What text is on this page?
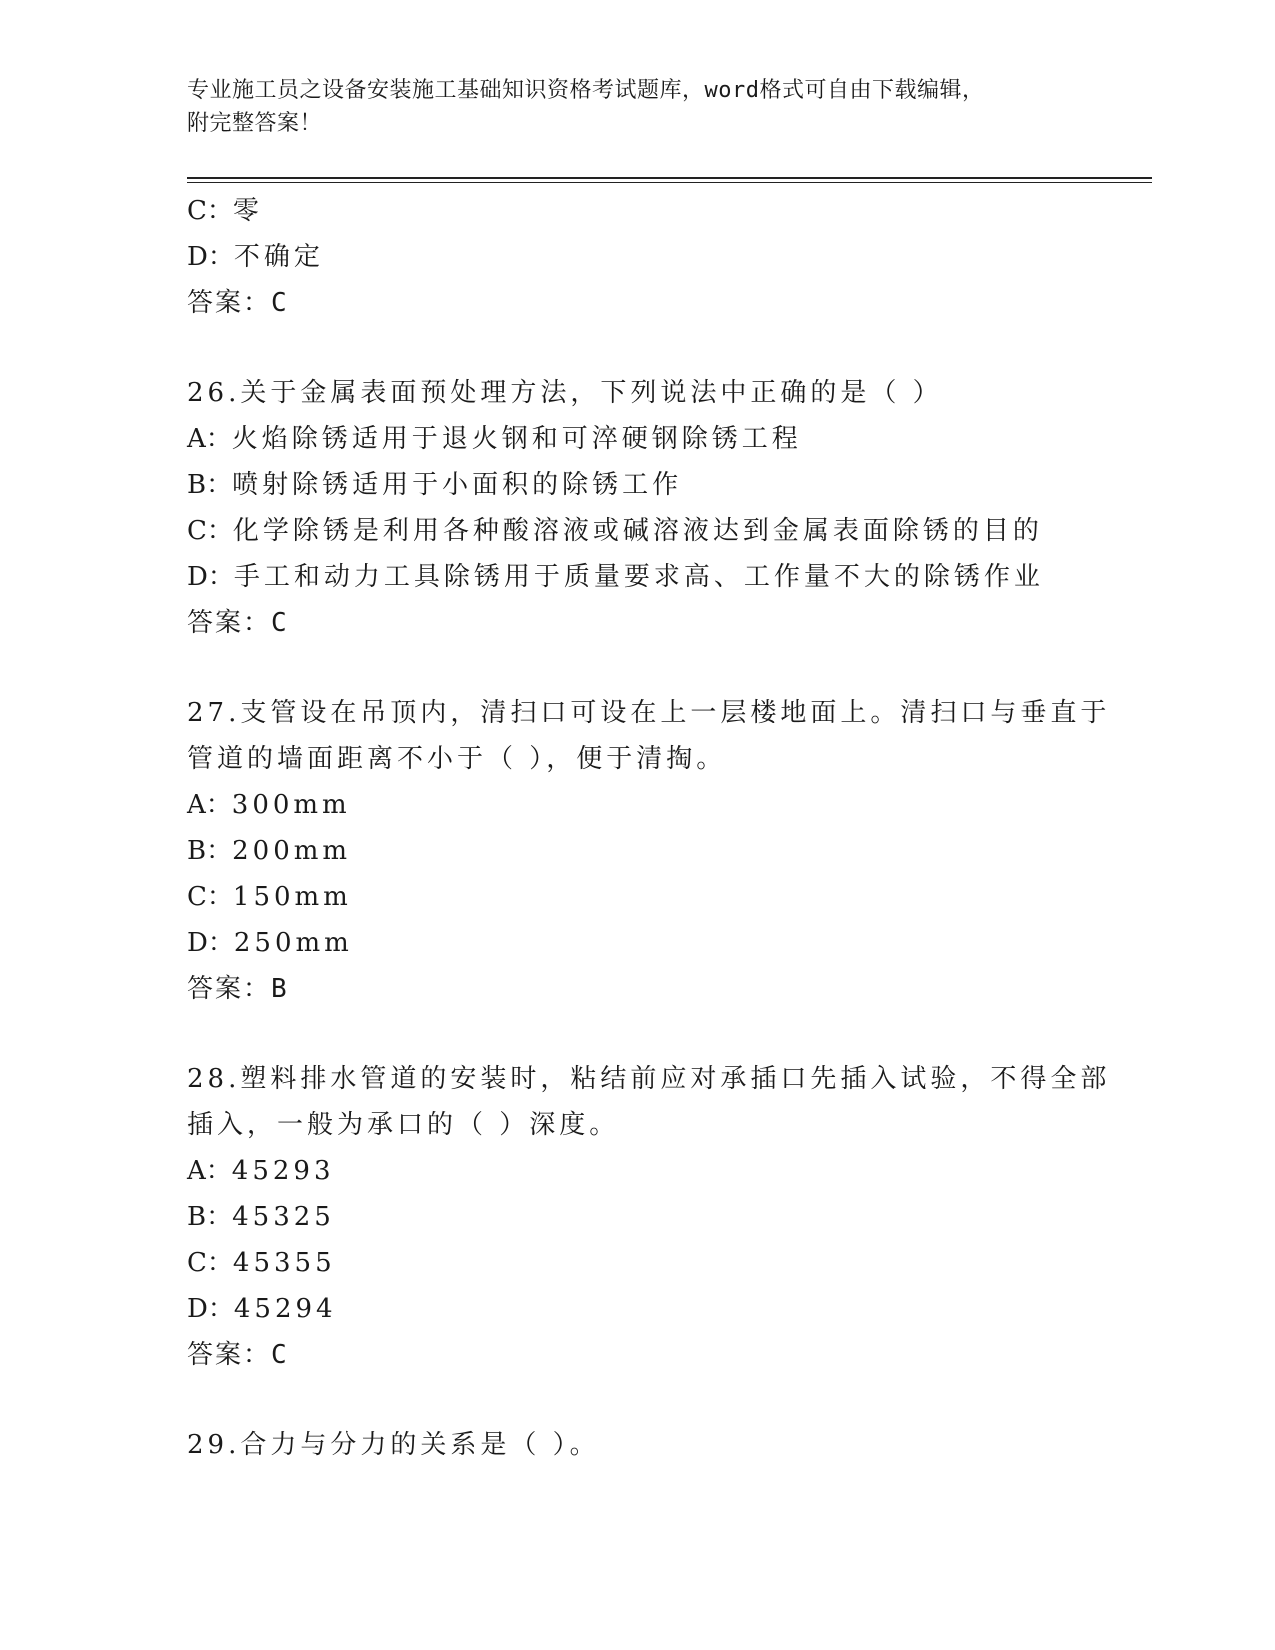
专业施工员之设备安装施工基础知识资格考试题库，word格式可自由下载编辑，
附完整答案！
C：零
D：不确定
答案：C
26.关于金属表面预处理方法，下列说法中正确的是（ ）
A：火焰除锈适用于退火钢和可淬硬钢除锈工程
B：喷射除锈适用于小面积的除锈工作
C：化学除锈是利用各种酸溶液或碱溶液达到金属表面除锈的目的
D：手工和动力工具除锈用于质量要求高、工作量不大的除锈作业
答案：C
27.支管设在吊顶内，清扫口可设在上一层楼地面上。清扫口与垂直于
管道的墙面距离不小于（ ），便于清掏。
A：300mm
B：200mm
C：150mm
D：250mm
答案：B
28.塑料排水管道的安装时，粘结前应对承插口先插入试验，不得全部
插入，一般为承口的（ ）深度。
A：45293
B：45325
C：45355
D：45294
答案：C
29.合力与分力的关系是（ ）。
